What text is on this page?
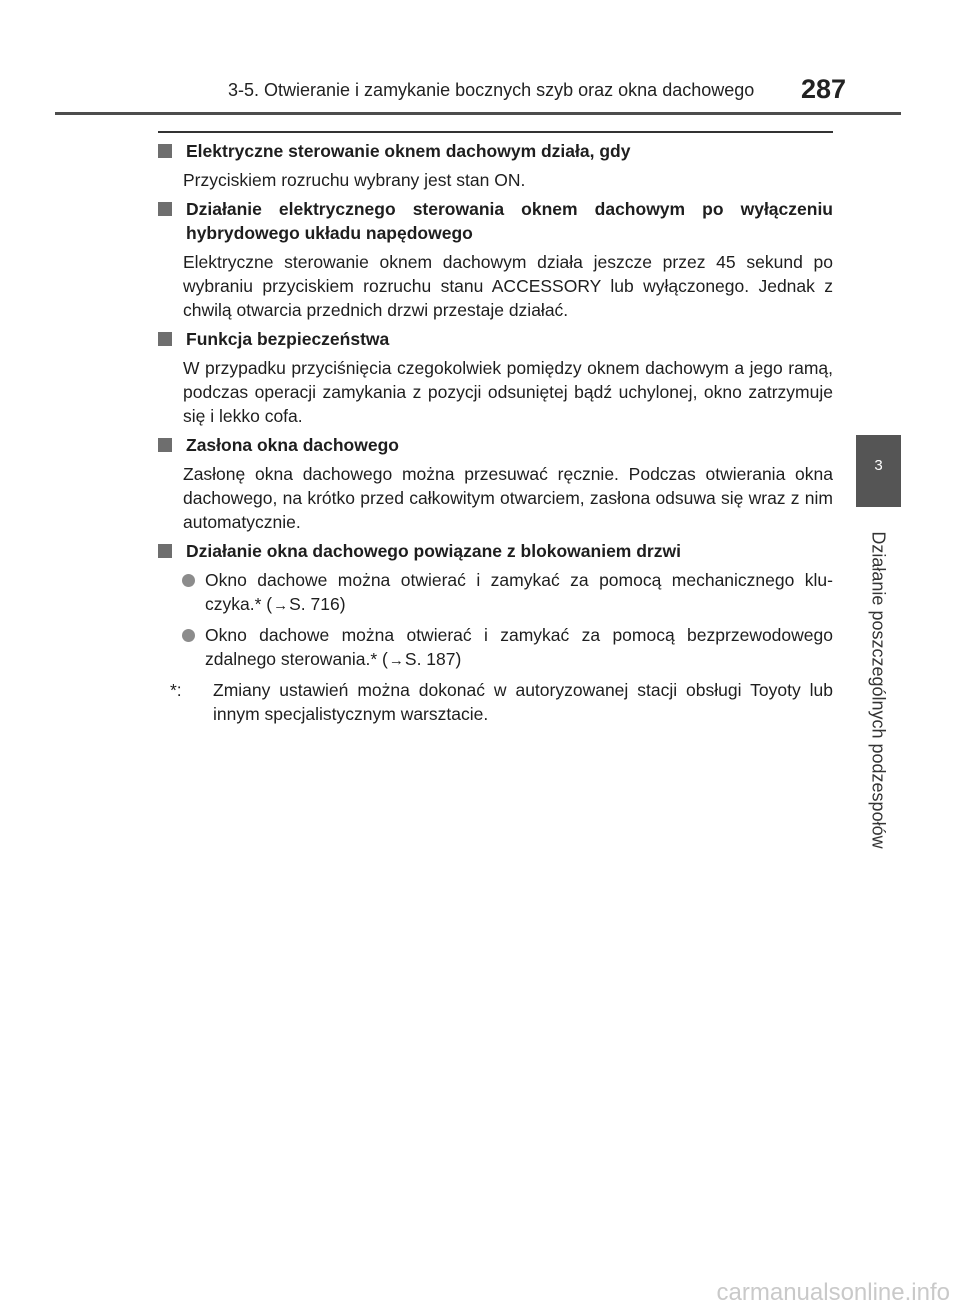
3-5. Otwieranie i zamykanie bocznych szyb oraz okna dachowego 287
Elektryczne sterowanie oknem dachowym działa, gdy
Przyciskiem rozruchu wybrany jest stan ON.
Działanie elektrycznego sterowania oknem dachowym po wyłączeniu hybrydowego układu napędowego
Elektryczne sterowanie oknem dachowym działa jeszcze przez 45 sekund po wybraniu przyciskiem rozruchu stanu ACCESSORY lub wyłączonego. Jednak z chwilą otwarcia przednich drzwi przestaje działać.
Funkcja bezpieczeństwa
W przypadku przyciśnięcia czegokolwiek pomiędzy oknem dachowym a jego ramą, podczas operacji zamykania z pozycji odsuniętej bądź uchylonej, okno zatrzymuje się i lekko cofa.
Zasłona okna dachowego
Zasłonę okna dachowego można przesuwać ręcznie. Podczas otwierania okna dachowego, na krótko przed całkowitym otwarciem, zasłona odsuwa się wraz z nim automatycznie.
Działanie okna dachowego powiązane z blokowaniem drzwi
Okno dachowe można otwierać i zamykać za pomocą mechanicznego klu-czyka.* (→S. 716)
Okno dachowe można otwierać i zamykać za pomocą bezprzewodowego zdalnego sterowania.* (→S. 187)
*: Zmiany ustawień można dokonać w autoryzowanej stacji obsługi Toyoty lub innym specjalistycznym warsztacie.
3
Działanie poszczególnych podzespołów
carmanualsonline.info
